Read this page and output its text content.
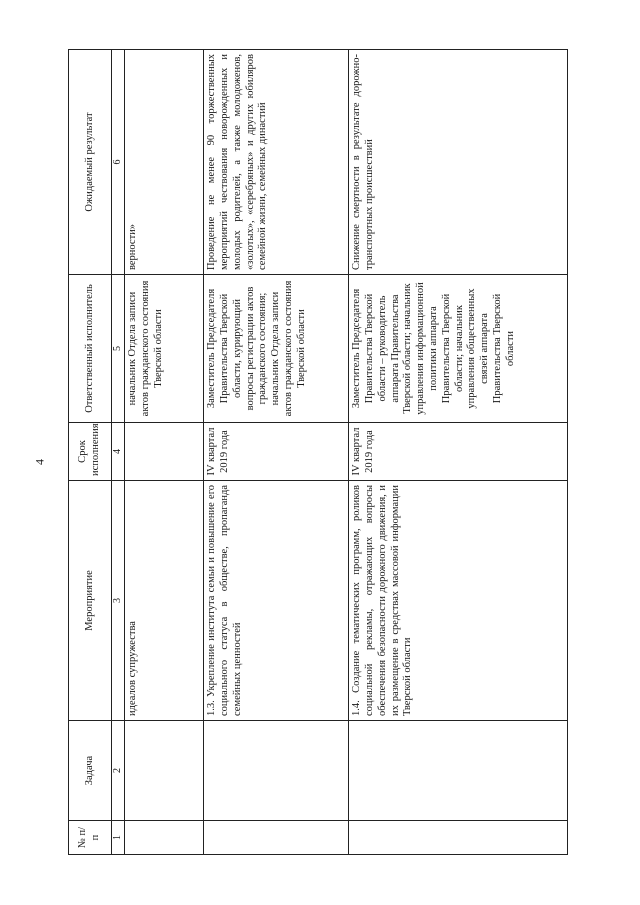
4
№ п/п	Задача	Мероприятие	Срок исполнения	Ответственный исполнитель	Ожидаемый результат
1	2	3	4	5	6
		идеалов супружества		начальник Отдела записи актов гражданского состояния Тверской области	верности»
		1.3. Укрепление института семьи и повышение его социального статуса в обществе, пропаганда семейных ценностей	IV квартал 2019 года	Заместитель Председателя Правительства Тверской области, курирующий вопросы регистрации актов гражданского состояния; начальник Отдела записи актов гражданского состояния Тверской области	Проведение не менее 90 торжественных мероприятий чествования новорожденных и молодых родителей, а также молодоженов, «золотых», «серебряных» и других юбиляров семейной жизни, семейных династий
		1.4. Создание тематических программ, роликов социальной рекламы, отражающих вопросы обеспечения безопасности дорожного движения, и их размещение в средствах массовой информации Тверской области	IV квартал 2019 года	Заместитель Председателя Правительства Тверской области – руководитель аппарата Правительства Тверской области; начальник управления информационной политики аппарата Правительства Тверской области; начальник управления общественных связей аппарата Правительства Тверской области	Снижение смертности в результате дорожно-транспортных происшествий
